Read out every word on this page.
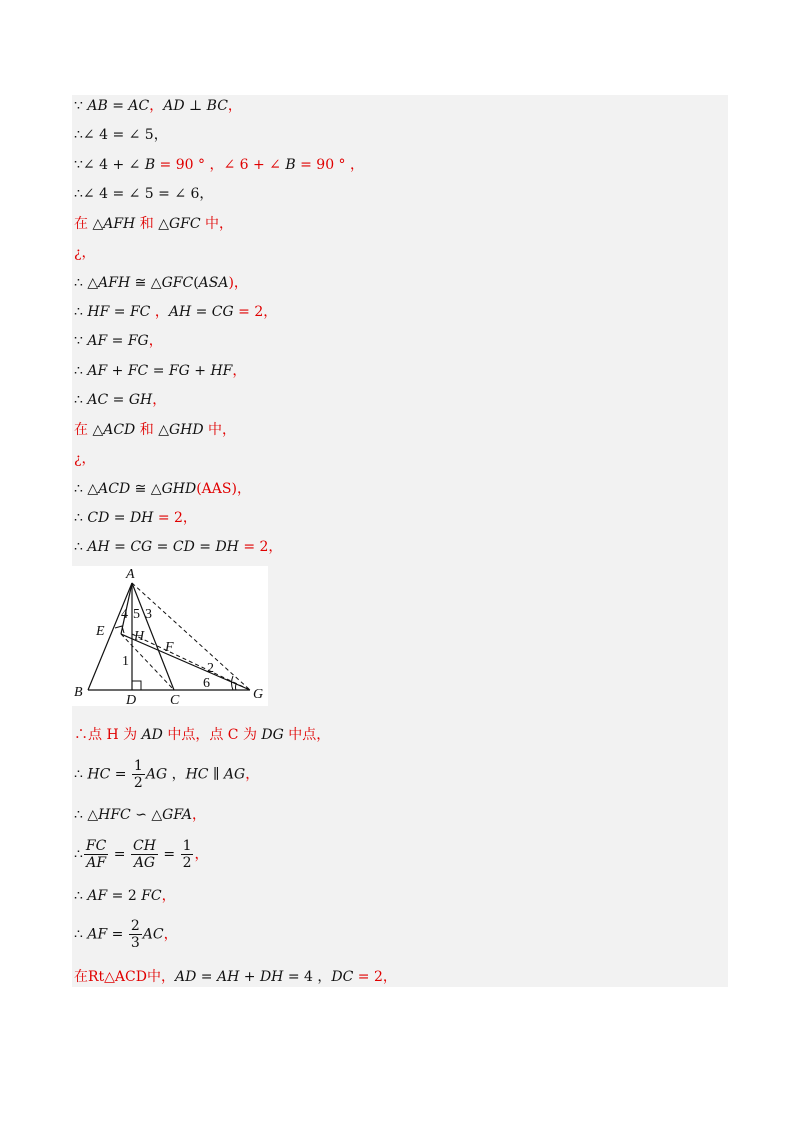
∵ AB = AC，AD ⊥ BC，
∴∠ 4 = ∠ 5，
∵∠ 4 + ∠ B = 90 ° ，∠ 6 + ∠ B = 90 ° ，
∴∠ 4 = ∠ 5 = ∠ 6，
在 △AFH 和 △GFC 中，
¿，
∴ △AFH ≅ △GFC(ASA)，
∴ HF = FC ，AH = CG = 2，
∵ AF = FG，
∴ AF + FC = FG + HF，
∴ AC = GH，
在 △ACD 和 △GHD 中，
¿，
∴ △ACD ≅ △GHD(AAS)，
∴ CD = DH = 2，
∴ AH = CG = CD = DH = 2，
A
B
C
D
E
F
G
H
1	2
3
4 5
6
∴点 H 为 AD 中点，点 C 为 DG 中点，
∴ HC = $\frac{1}{2}$ AG ，HC ∥ AG，
∴ △HFC ∽ △GFA，
∴ $\frac{FC}{AF} = \frac{CH}{AG} = \frac{1}{2}$ ，
∴ AF = 2 FC，
∴ AF = $\frac{2}{3}$ AC，
在Rt△ACD中，AD = AH + DH = 4 ，DC = 2，
